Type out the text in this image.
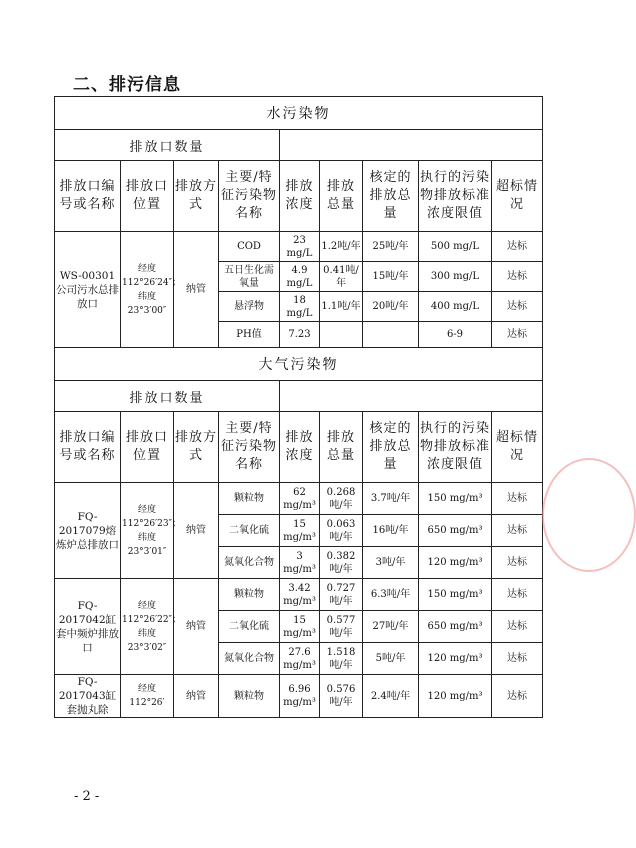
二、排污信息
水污染物								
排放口数量								
排放口编号或名称	排放口位置	排放方式	主要/特征污染物名称	排放浓度	排放总量	核定的排放总量	执行的污染物排放标准浓度限值	超标情况
WS-00301公司污水总排放口	经度112°26′24″；纬度23°3′00″	纳管	COD	23 mg/L	1.2吨/年	25吨/年	500 mg/L	达标
			五日生化需氧量	4.9 mg/L	0.41吨/年	15吨/年	300 mg/L	达标
			悬浮物	18 mg/L	1.1吨/年	20吨/年	400 mg/L	达标
			PH值	7.23			6-9	达标
大气污染物								
排放口数量								
排放口编号或名称	排放口位置	排放方式	主要/特征污染物名称	排放浓度	排放总量	核定的排放总量	执行的污染物排放标准浓度限值	超标情况
FQ-2017079熔炼炉总排放口	经度112°26′23″；纬度23°3′01″	纳管	颗粒物	62 mg/m³	0.268吨/年	3.7吨/年	150 mg/m³	达标
			二氧化硫	15 mg/m³	0.063吨/年	16吨/年	650 mg/m³	达标
			氮氧化合物	3 mg/m³	0.382吨/年	3吨/年	120 mg/m³	达标
FQ-2017042缸套中频炉排放口	经度112°26′22″；纬度23°3′02″	纳管	颗粒物	3.42 mg/m³	0.727吨/年	6.3吨/年	150 mg/m³	达标
			二氧化硫	15 mg/m³	0.577吨/年	27吨/年	650 mg/m³	达标
			氮氧化合物	27.6 mg/m³	1.518吨/年	5吨/年	120 mg/m³	达标
FQ-2017043缸套抛丸除	经度112°26′	纳管	颗粒物	6.96 mg/m³	0.576吨/年	2.4吨/年	120 mg/m³	达标
- 2 -
